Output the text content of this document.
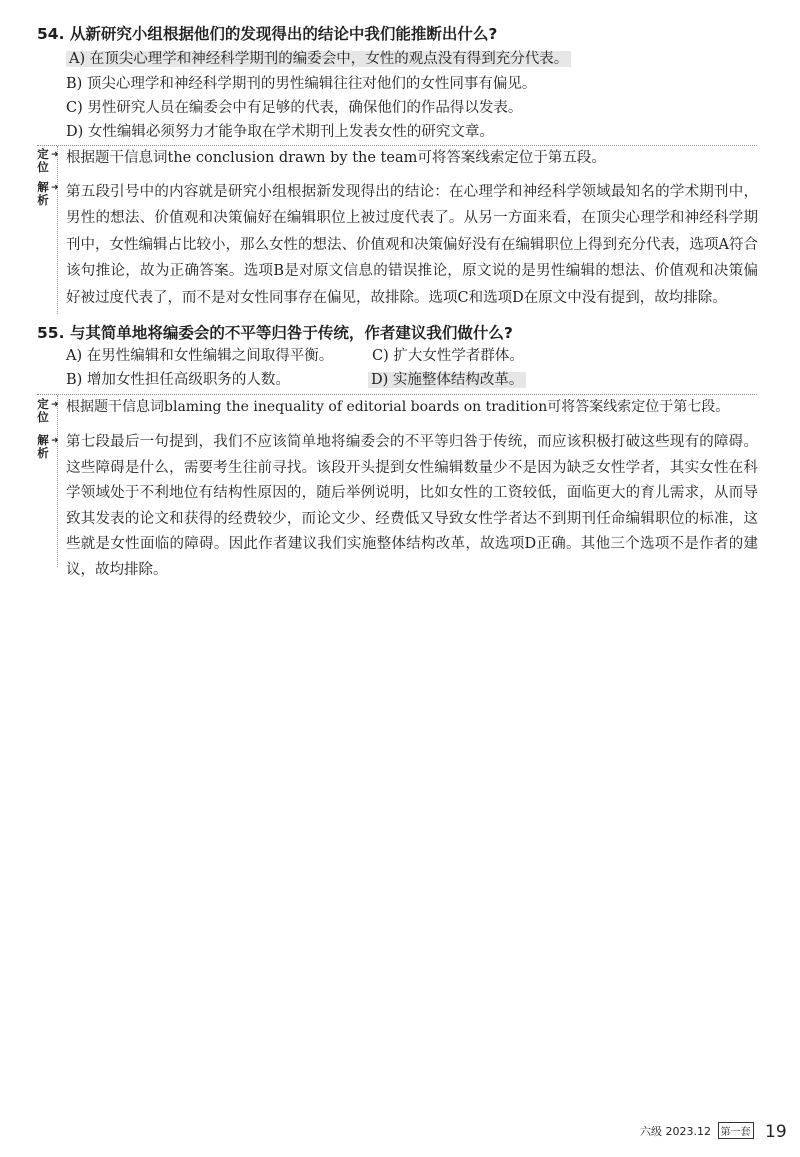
54. 从新研究小组根据他们的发现得出的结论中我们能推断出什么?
A) 在顶尖心理学和神经科学期刊的编委会中，女性的观点没有得到充分代表。
B) 顶尖心理学和神经科学期刊的男性编辑往往对他们的女性同事有偏见。
C) 男性研究人员在编委会中有足够的代表，确保他们的作品得以发表。
D) 女性编辑必须努力才能争取在学术期刊上发表女性的研究文章。
定
位
➜ 根据题干信息词the conclusion drawn by the team可将答案线索定位于第五段。
解
析
➜ 第五段引号中的内容就是研究小组根据新发现得出的结论：在心理学和神经科学领域最知名的学术期刊中，男性的想法、价值观和决策偏好在编辑职位上被过度代表了。从另一方面来看，在顶尖心理学和神经科学期刊中，女性编辑占比较小，那么女性的想法、价值观和决策偏好没有在编辑职位上得到充分代表，选项A符合该句推论，故为正确答案。选项B是对原文信息的错误推论，原文说的是男性编辑的想法、价值观和决策偏好被过度代表了，而不是对女性同事存在偏见，故排除。选项C和选项D在原文中没有提到，故均排除。
55. 与其简单地将编委会的不平等归咎于传统，作者建议我们做什么?
A) 在男性编辑和女性编辑之间取得平衡。	C) 扩大女性学者群体。
B) 增加女性担任高级职务的人数。	D) 实施整体结构改革。
定
位
➜ 根据题干信息词blaming the inequality of editorial boards on tradition可将答案线索定位于第七段。
解
析
➜ 第七段最后一句提到，我们不应该简单地将编委会的不平等归咎于传统，而应该积极打破这些现有的障碍。这些障碍是什么，需要考生往前寻找。该段开头提到女性编辑数量少不是因为缺乏女性学者，其实女性在科学领域处于不利地位有结构性原因的，随后举例说明，比如女性的工资较低，面临更大的育儿需求，从而导致其发表的论文和获得的经费较少，而论文少、经费低又导致女性学者达不到期刊任命编辑职位的标准，这些就是女性面临的障碍。因此作者建议我们实施整体结构改革，故选项D正确。其他三个选项不是作者的建议，故均排除。
六级 2023.12 第一套 19
